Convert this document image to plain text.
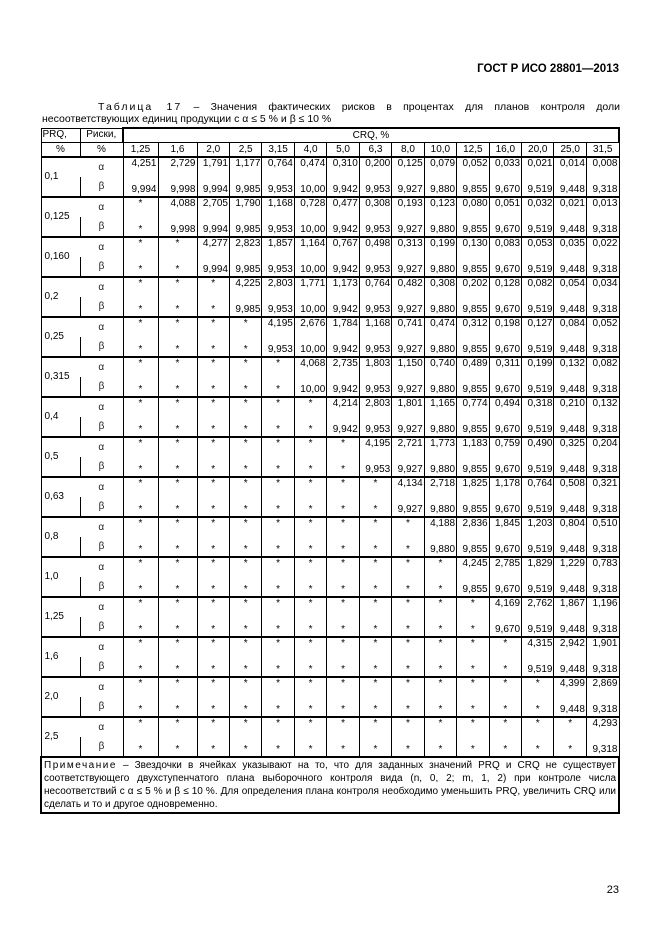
ГОСТ Р ИСО 28801—2013
Таблица 17 – Значения фактических рисков в процентах для планов контроля доли
несоответствующих единиц продукции с α ≤ 5 % и β ≤ 10 %
PRQ,	Риски,	CRQ, %														
%	%	1,25	1,6	2,0	2,5	3,15	4,0	5,0	6,3	8,0	10,0	12,5	16,0	20,0	25,0	31,5
0,1	α	4,251	2,729	1,791	1,177	0,764	0,474	0,310	0,200	0,125	0,079	0,052	0,033	0,021	0,014	0,008
	β	9,994	9,998	9,994	9,985	9,953	10,00	9,942	9,953	9,927	9,880	9,855	9,670	9,519	9,448	9,318
0,125	α	*	4,088	2,705	1,790	1,168	0,728	0,477	0,308	0,193	0,123	0,080	0,051	0,032	0,021	0,013
	β	*	9,998	9,994	9,985	9,953	10,00	9,942	9,953	9,927	9,880	9,855	9,670	9,519	9,448	9,318
0,160	α	*	*	4,277	2,823	1,857	1,164	0,767	0,498	0,313	0,199	0,130	0,083	0,053	0,035	0,022
	β	*	*	9,994	9,985	9,953	10,00	9,942	9,953	9,927	9,880	9,855	9,670	9,519	9,448	9,318
0,2	α	*	*	*	4,225	2,803	1,771	1,173	0,764	0,482	0,308	0,202	0,128	0,082	0,054	0,034
	β	*	*	*	9,985	9,953	10,00	9,942	9,953	9,927	9,880	9,855	9,670	9,519	9,448	9,318
0,25	α	*	*	*	*	4,195	2,676	1,784	1,168	0,741	0,474	0,312	0,198	0,127	0,084	0,052
	β	*	*	*	*	9,953	10,00	9,942	9,953	9,927	9,880	9,855	9,670	9,519	9,448	9,318
0,315	α	*	*	*	*	*	4,068	2,735	1,803	1,150	0,740	0,489	0,311	0,199	0,132	0,082
	β	*	*	*	*	*	10,00	9,942	9,953	9,927	9,880	9,855	9,670	9,519	9,448	9,318
0,4	α	*	*	*	*	*	*	4,214	2,803	1,801	1,165	0,774	0,494	0,318	0,210	0,132
	β	*	*	*	*	*	*	9,942	9,953	9,927	9,880	9,855	9,670	9,519	9,448	9,318
0,5	α	*	*	*	*	*	*	*	4,195	2,721	1,773	1,183	0,759	0,490	0,325	0,204
	β	*	*	*	*	*	*	*	9,953	9,927	9,880	9,855	9,670	9,519	9,448	9,318
0,63	α	*	*	*	*	*	*	*	*	4,134	2,718	1,825	1,178	0,764	0,508	0,321
	β	*	*	*	*	*	*	*	*	9,927	9,880	9,855	9,670	9,519	9,448	9,318
0,8	α	*	*	*	*	*	*	*	*	*	4,188	2,836	1,845	1,203	0,804	0,510
	β	*	*	*	*	*	*	*	*	*	9,880	9,855	9,670	9,519	9,448	9,318
1,0	α	*	*	*	*	*	*	*	*	*	*	4,245	2,785	1,829	1,229	0,783
	β	*	*	*	*	*	*	*	*	*	*	9,855	9,670	9,519	9,448	9,318
1,25	α	*	*	*	*	*	*	*	*	*	*	*	4,169	2,762	1,867	1,196
	β	*	*	*	*	*	*	*	*	*	*	*	9,670	9,519	9,448	9,318
1,6	α	*	*	*	*	*	*	*	*	*	*	*	*	4,315	2,942	1,901
	β	*	*	*	*	*	*	*	*	*	*	*	*	9,519	9,448	9,318
2,0	α	*	*	*	*	*	*	*	*	*	*	*	*	*	4,399	2,869
	β	*	*	*	*	*	*	*	*	*	*	*	*	*	9,448	9,318
2,5	α	*	*	*	*	*	*	*	*	*	*	*	*	*	*	4,293
	β	*	*	*	*	*	*	*	*	*	*	*	*	*	*	9,318
Примечание – Звездочки в ячейках указывают на то, что для заданных значений PRQ и CRQ не существует соответствующего двухступенчатого плана выборочного контроля вида (n, 0, 2; m, 1, 2) при контроле числа несоответствий с α ≤ 5 % и β ≤ 10 %. Для определения плана контроля необходимо уменьшить PRQ, увеличить CRQ или сделать и то и другое одновременно.																
23
